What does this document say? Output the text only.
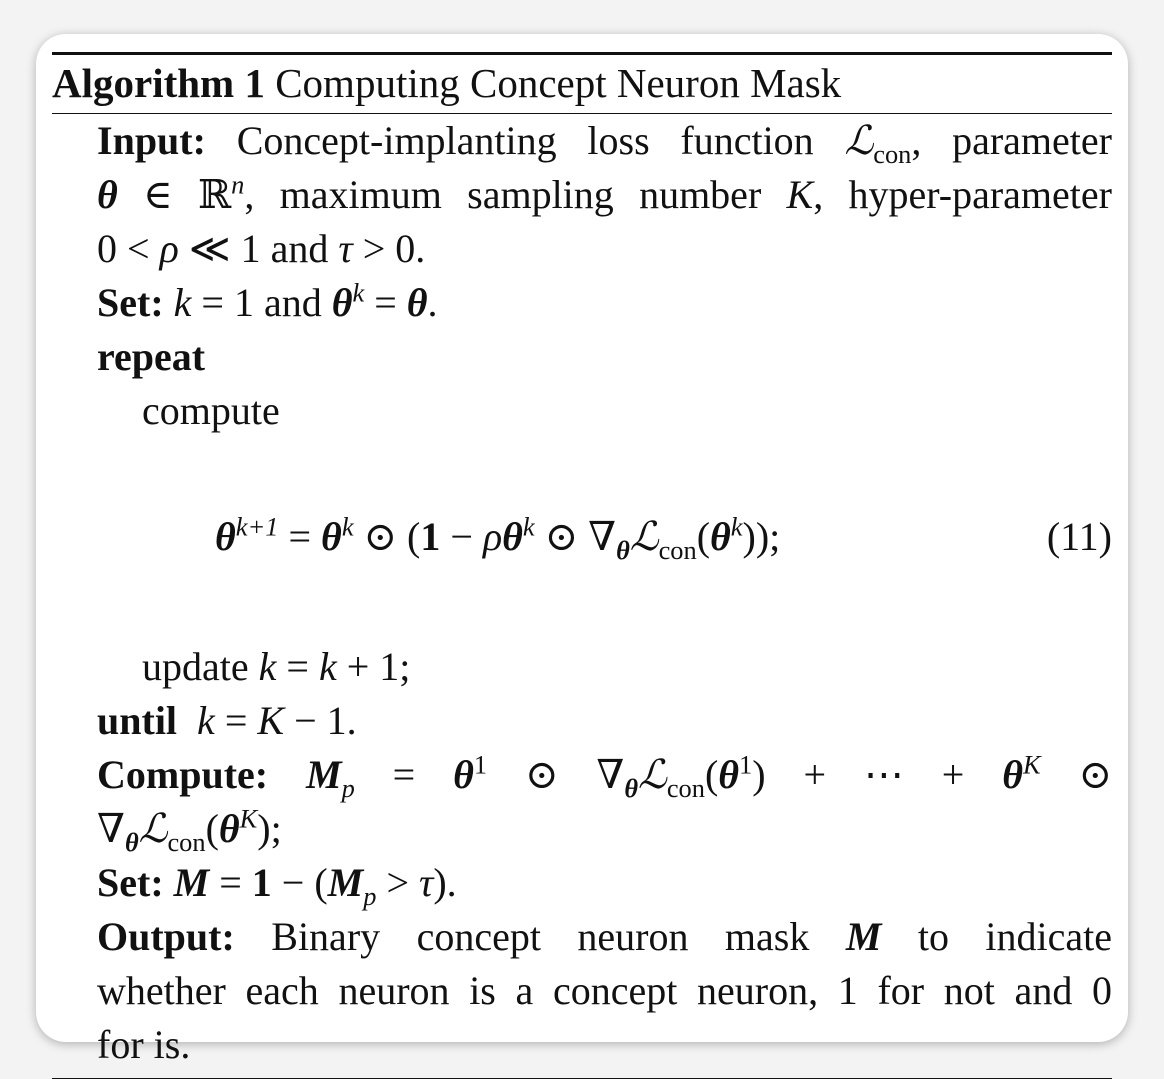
Algorithm 1 Computing Concept Neuron Mask
Input: Concept-implanting loss function ℒ$_{con}$, parameter
θ ∈ ℝ$^n$, maximum sampling number K, hyper-parameter
0 < ρ ≪ 1 and τ > 0.
Set: k = 1 and $\theta^k = \theta$.
repeat
compute
$\theta^{k+1} = \theta^k$ ⊙ ($1 - \rho\theta^k$ ⊙ $\nabla_\theta ℒ_{con}(\theta^k)$);	(11)
update k = k + 1;
until k = K − 1.
Compute: $M_p = \theta^1$ ⊙ $\nabla_\theta ℒ_{con}(\theta^1)$ + ⋯ + $\theta^K$ ⊙
$\nabla_\theta ℒ_{con}(\theta^K)$;
Set: $M = 1 - (M_p > \tau)$.
Output: Binary concept neuron mask M to indicate
whether each neuron is a concept neuron, 1 for not and 0
for is.
